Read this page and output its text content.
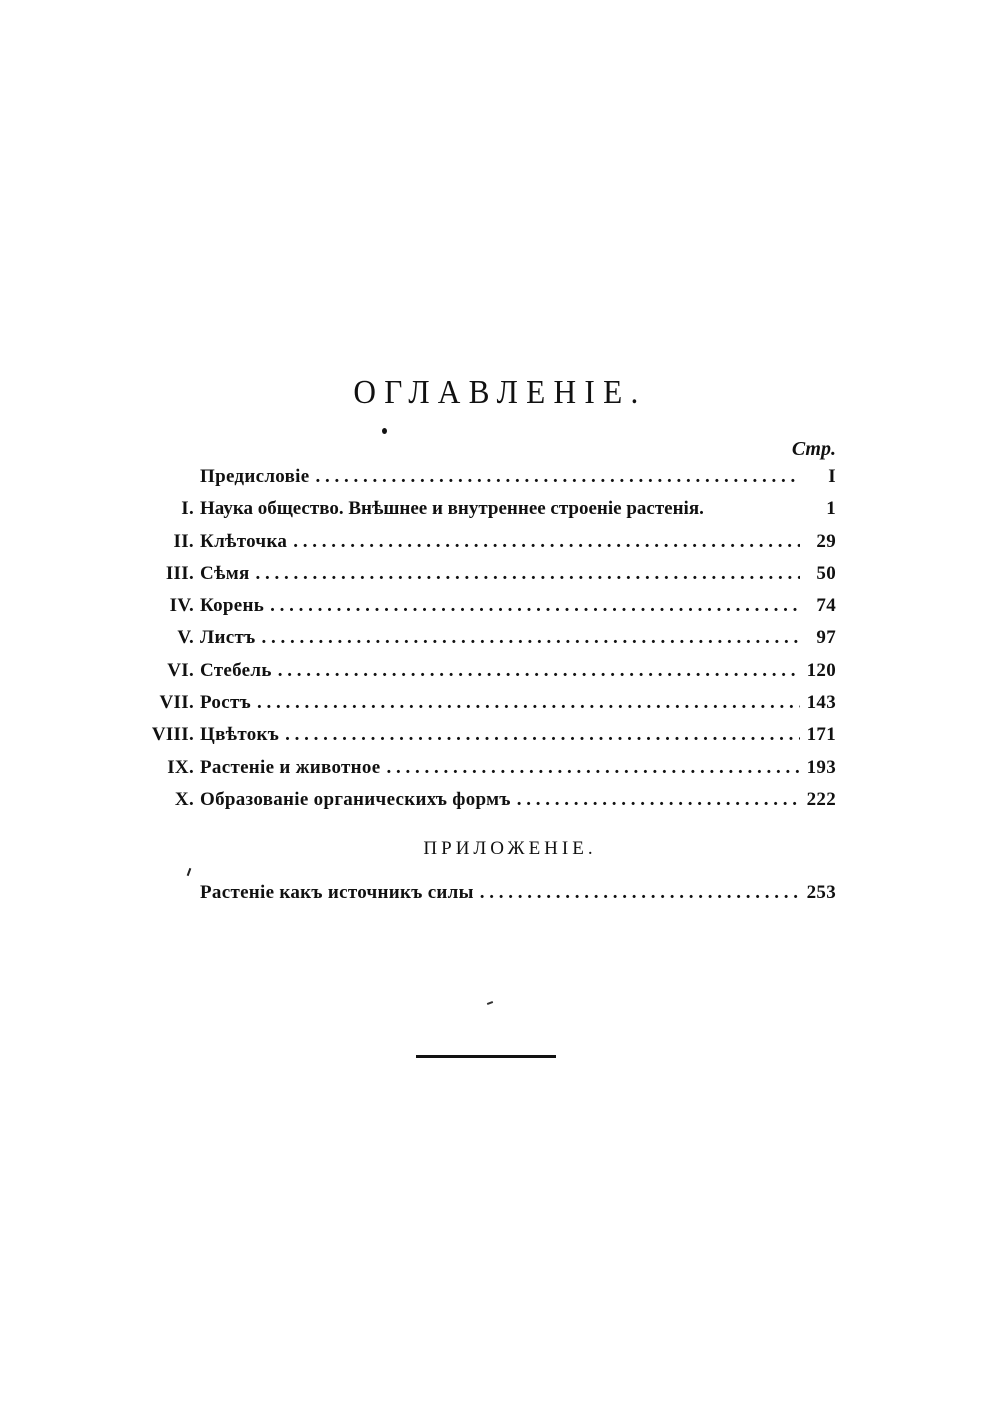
ОГЛАВЛЕНІЕ.
Стр.
Предисловіе . . .	I
I. Наука общество. Внѣшнее и внутреннее строеніе растенія.	1
II. Клѣточка . . .	29
III. Сѣмя . . .	50
IV. Корень . . .	74
V. Листъ . . .	97
VI. Стебель . . .	120
VII. Ростъ . . .	143
VIII. Цвѣтокъ . . .	171
IX. Растеніе и животное . . .	193
X. Образованіе органическихъ формъ . . .	222
ПРИЛОЖЕНІЕ.
Растеніе какъ источникъ силы . . .	253
